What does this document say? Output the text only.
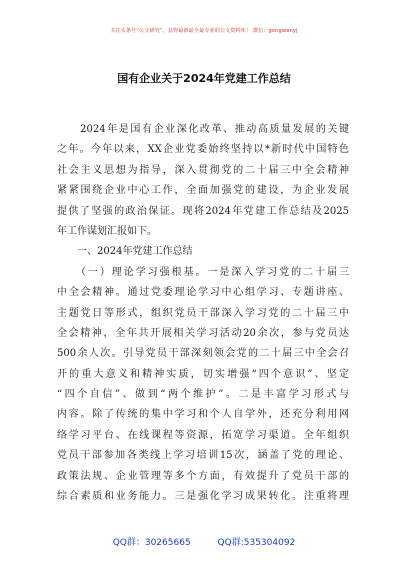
关注头条号“公文研究”，获得最新最全最专业的公文资料库！ 微信：gongwenyj
国有企业关于2024年党建工作总结
　　2024年是国有企业深化改革、推动高质量发展的关键
之年。今年以来，XX企业党委始终坚持以*新时代中国特色
社会主义思想为指导，深入贯彻党的二十届三中全会精神
紧紧围绕企业中心工作，全面加强党的建设，为企业发展
提供了坚强的政治保证。现将2024年党建工作总结及2025
年工作谋划汇报如下。
　　一、2024年党建工作总结
　　（一）理论学习强根基。一是深入学习党的二十届三
中全会精神。通过党委理论学习中心组学习、专题讲座、
主题党日等形式，组织党员干部深入学习党的二十届三中
全会精神，全年共开展相关学习活动20余次，参与党员达
500余人次。引导党员干部深刻领会党的二十届三中全会召
开的重大意义和精神实质，切实增强“四个意识”、坚定
“四个自信”、做到“两个维护”。二是丰富学习形式与
内容。除了传统的集中学习和个人自学外，还充分利用网
络学习平台、在线课程等资源，拓宽学习渠道。全年组织
党员干部参加各类线上学习培训15次，涵盖了党的理论、
政策法规、企业管理等多个方面，有效提升了党员干部的
综合素质和业务能力。三是强化学习成果转化。注重将理
QQ群：30265665	QQ群:535304092
